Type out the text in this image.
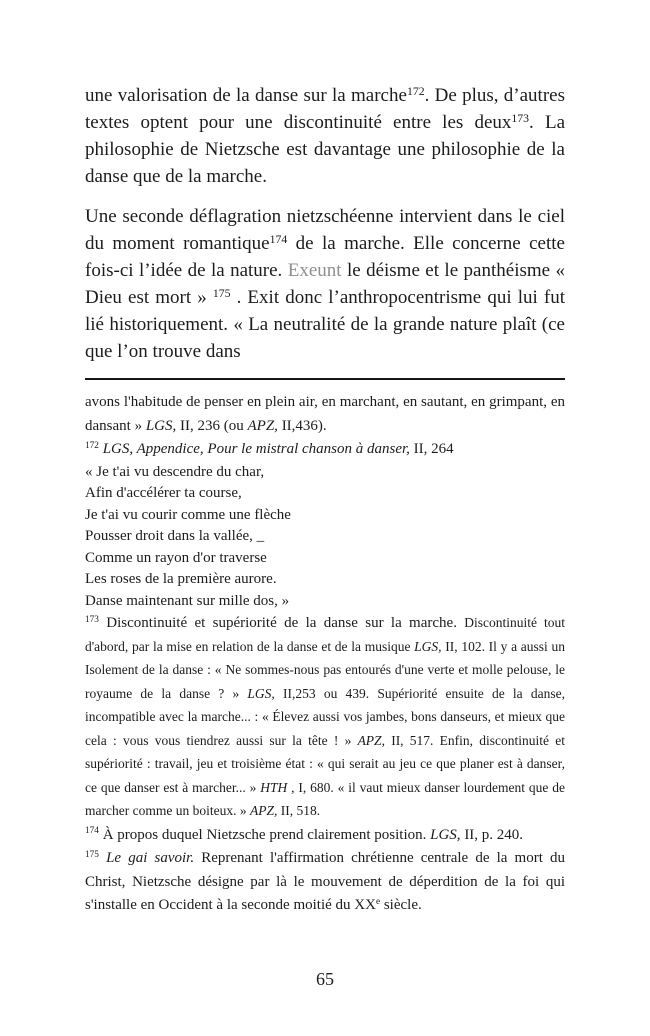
une valorisation de la danse sur la marche$^{172}$. De plus, d’autres textes optent pour une discontinuité entre les deux$^{173}$. La philosophie de Nietzsche est davantage une philosophie de la danse que de la marche.

Une seconde déflagration nietzschéenne intervient dans le ciel du moment romantique$^{174}$ de la marche. Elle concerne cette fois-ci l’idée de la nature. Exeunt le déisme et le panthéisme « Dieu est mort » $^{175}$ . Exit donc l’anthropocentrisme qui lui fut lié historiquement. « La neutralité de la grande nature plaît (ce que l’on trouve dans

avons l'habitude de penser en plein air, en marchant, en sautant, en grimpant, en dansant » LGS, II, 236 (ou APZ, II,436).
$^{172}$ LGS, Appendice, Pour le mistral chanson à danser, II, 264
« Je t'ai vu descendre du char,
Afin d'accélérer ta course,
Je t'ai vu courir comme une flèche
Pousser droit dans la vallée, _
Comme un rayon d'or traverse
Les roses de la première aurore.
Danse maintenant sur mille dos, »
$^{173}$ Discontinuité et supériorité de la danse sur la marche. Discontinuité tout d'abord, par la mise en relation de la danse et de la musique LGS, II, 102. Il y a aussi un Isolement de la danse : « Ne sommes-nous pas entourés d'une verte et molle pelouse, le royaume de la danse ? » LGS, II,253 ou 439. Supériorité ensuite de la danse, incompatible avec la marche... : « Élevez aussi vos jambes, bons danseurs, et mieux que cela : vous vous tiendrez aussi sur la tête ! » APZ, II, 517. Enfin, discontinuité et supériorité : travail, jeu et troisième état : « qui serait au jeu ce que planer est à danser, ce que danser est à marcher... » HTH , I, 680. « il vaut mieux danser lourdement que de marcher comme un boiteux. » APZ, II, 518.
$^{174}$ À propos duquel Nietzsche prend clairement position. LGS, II, p. 240.
$^{175}$ Le gai savoir. Reprenant l'affirmation chrétienne centrale de la mort du Christ, Nietzsche désigne par là le mouvement de déperdition de la foi qui s'installe en Occident à la seconde moitié du XXe siècle.
65
